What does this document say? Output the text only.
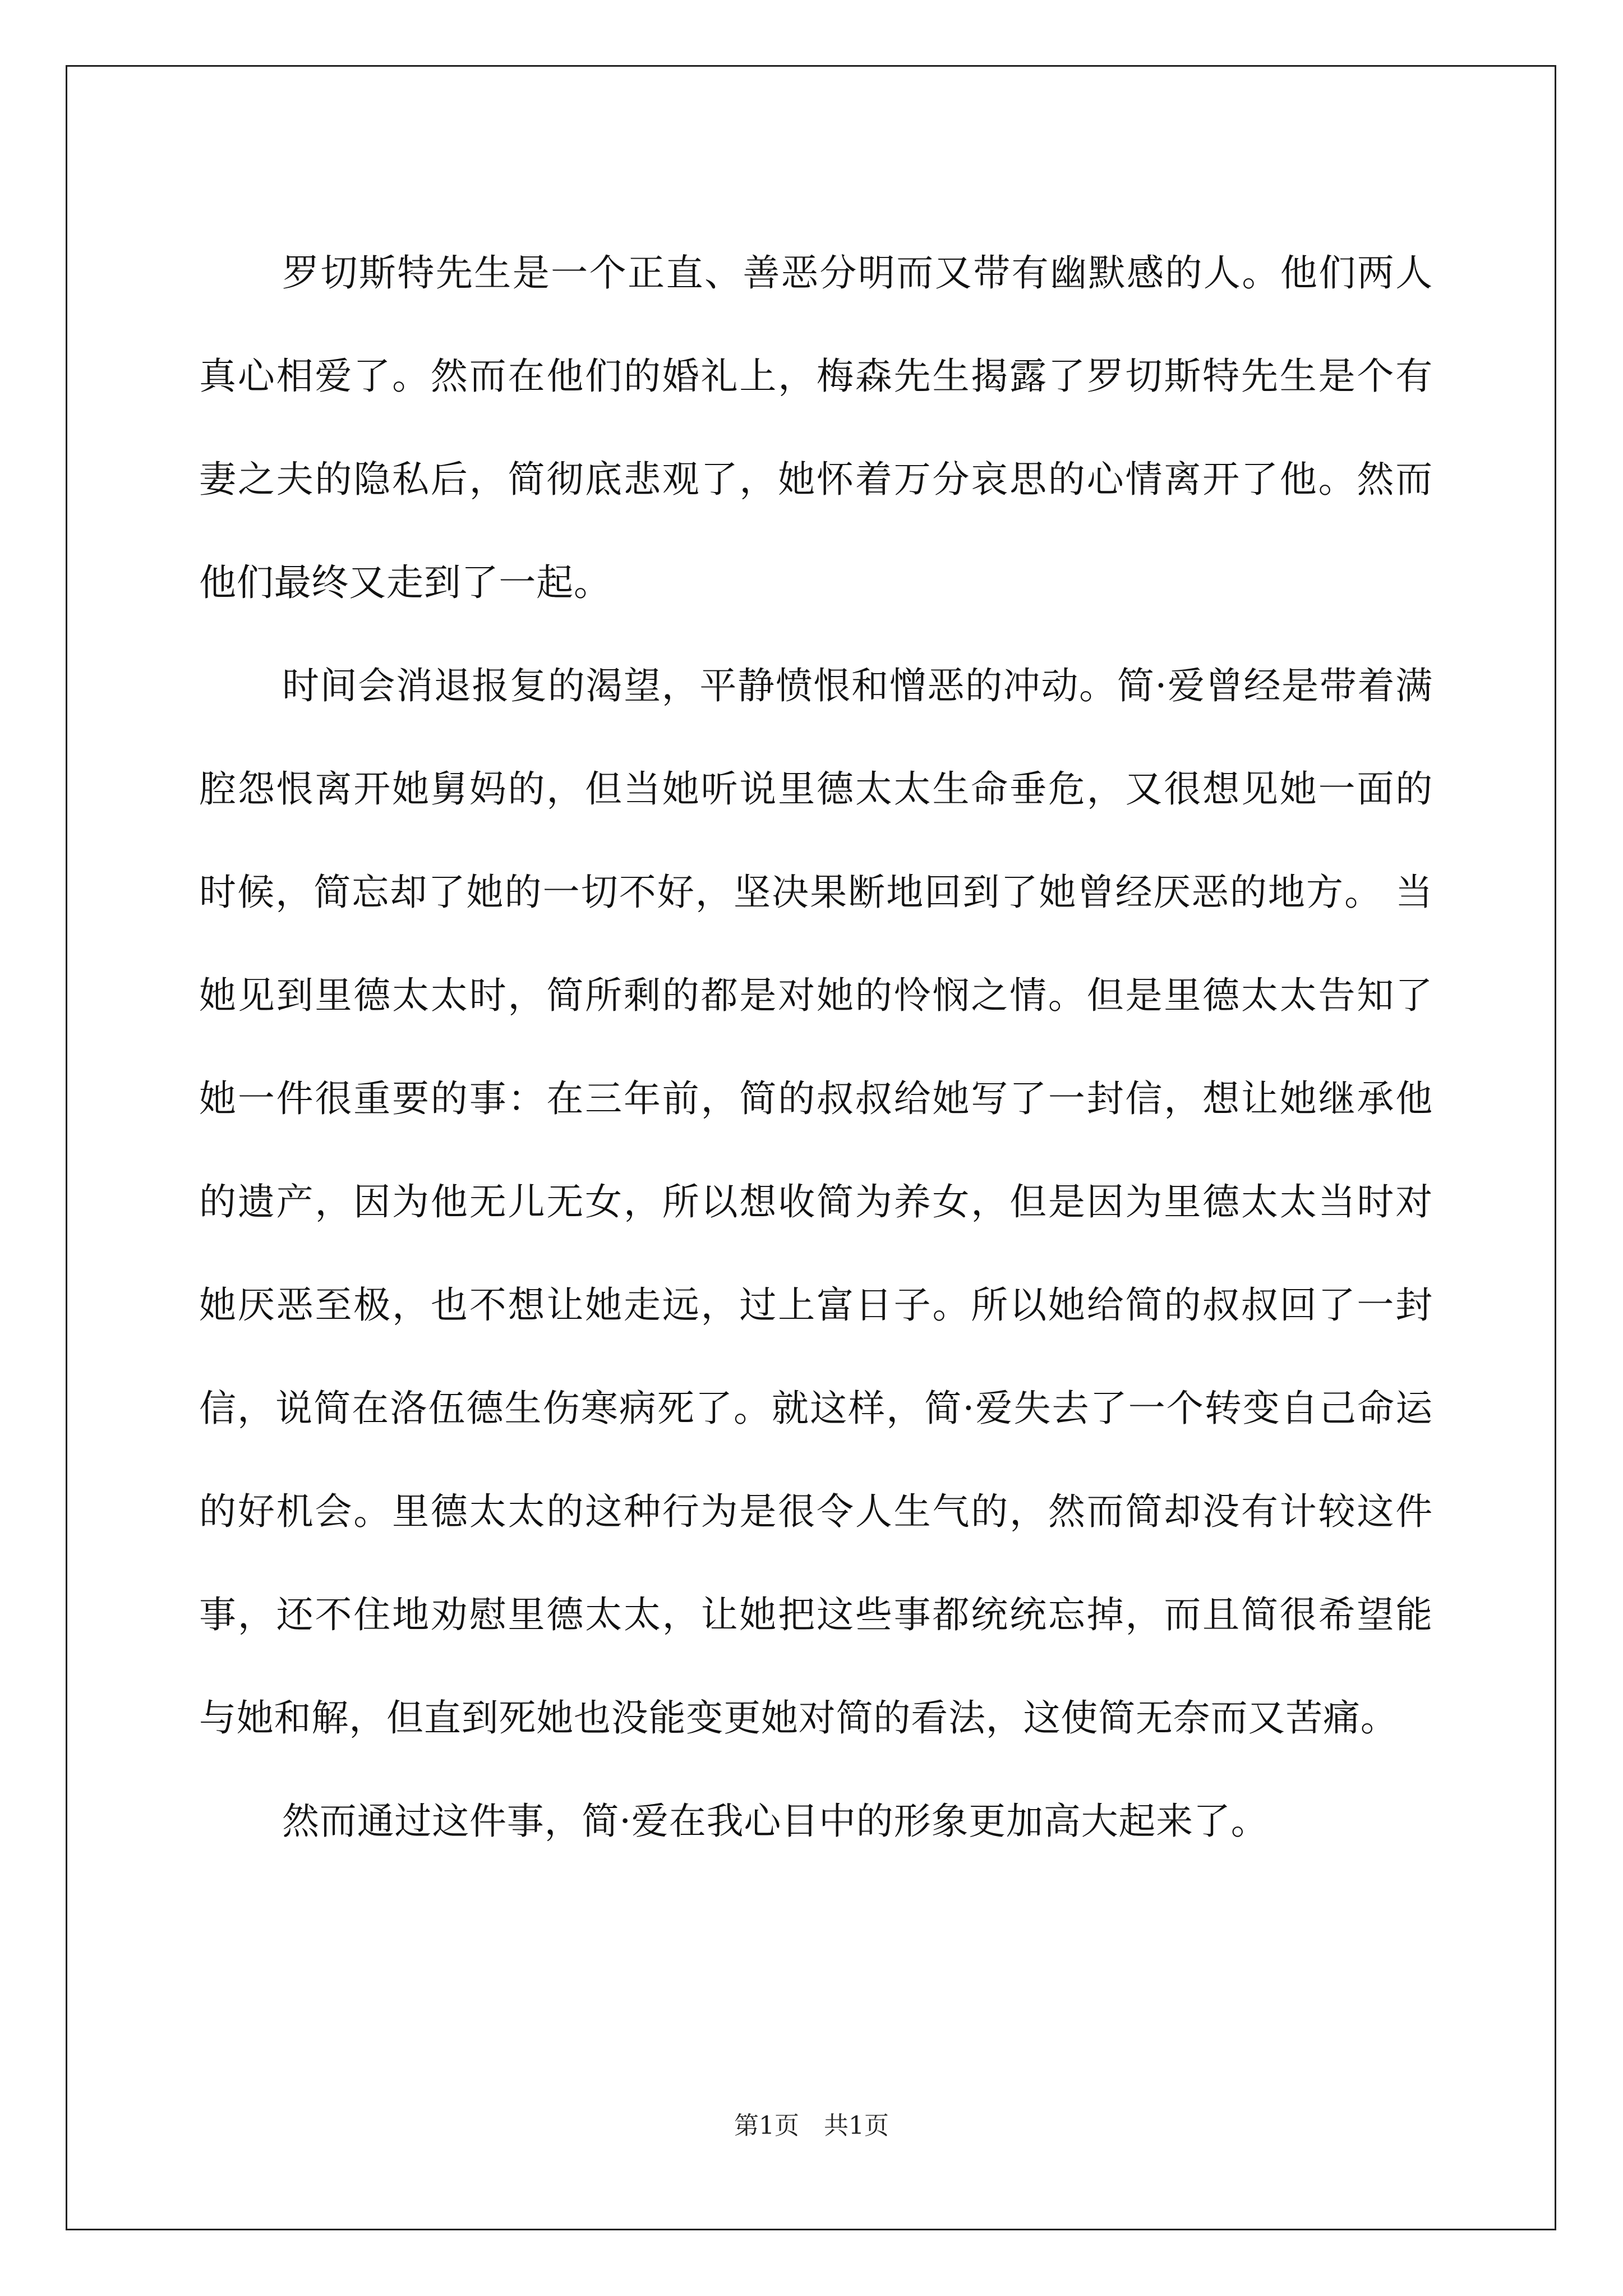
罗切斯特先生是一个正直、善恶分明而又带有幽默感的人。他们两人真心相爱了。然而在他们的婚礼上，梅森先生揭露了罗切斯特先生是个有妻之夫的隐私后，简彻底悲观了，她怀着万分哀思的心情离开了他。然而他们最终又走到了一起。

时间会消退报复的渴望，平静愤恨和憎恶的冲动。简·爱曾经是带着满腔怨恨离开她舅妈的，但当她听说里德太太生命垂危，又很想见她一面的时候，简忘却了她的一切不好，坚决果断地回到了她曾经厌恶的地方。 当她见到里德太太时，简所剩的都是对她的怜悯之情。但是里德太太告知了她一件很重要的事：在三年前，简的叔叔给她写了一封信，想让她继承他的遗产，因为他无儿无女，所以想收简为养女，但是因为里德太太当时对她厌恶至极，也不想让她走远，过上富日子。所以她给简的叔叔回了一封信，说简在洛伍德生伤寒病死了。就这样，简·爱失去了一个转变自己命运的好机会。里德太太的这种行为是很令人生气的，然而简却没有计较这件事，还不住地劝慰里德太太，让她把这些事都统统忘掉，而且简很希望能与她和解，但直到死她也没能变更她对简的看法，这使简无奈而又苦痛。

然而通过这件事，简·爱在我心目中的形象更加高大起来了。

第1页 共1页
